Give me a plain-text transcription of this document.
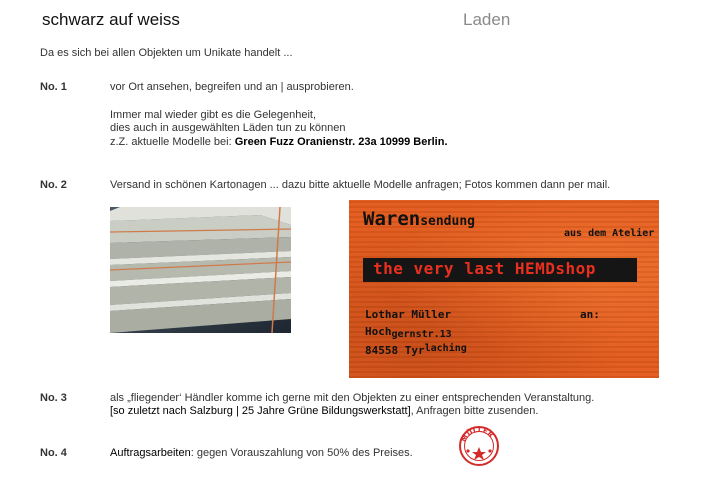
schwarz auf weiss	Laden
Da es sich bei allen Objekten um Unikate handelt ...
No. 1	vor Ort ansehen, begreifen und an | ausprobieren.
Immer mal wieder gibt es die Gelegenheit,
dies auch in ausgewählten Läden tun zu können
z.Z. aktuelle Modelle bei: Green Fuzz Oranienstr. 23a 10999 Berlin.
No. 2	Versand in schönen Kartonagen ... dazu bitte aktuelle Modelle anfragen; Fotos kommen dann per mail.
Warensendung
aus dem Atelier
the very last HEMDshop
Lothar Müller
Hochgernstr.13
84558 Tyrlaching
an:
No. 3	als „fliegender‘ Händler komme ich gerne mit den Objekten zu einer entsprechenden Veranstaltung.
[so zuletzt nach Salzburg | 25 Jahre Grüne Bildungswerkstatt], Anfragen bitte zusenden.
No. 4	Auftragsarbeiten: gegen Vorauszahlung von 50% des Preises.
MÜLLER
